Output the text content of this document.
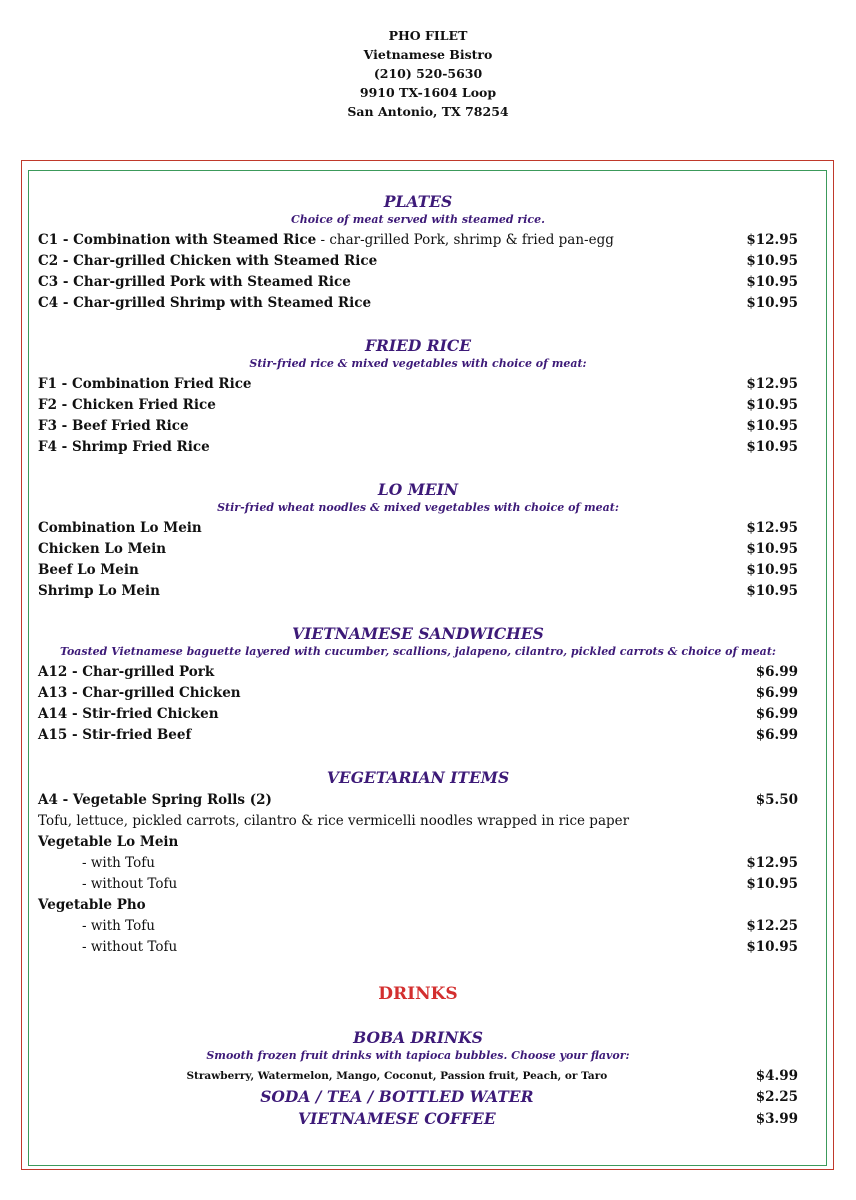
PHO FILET
Vietnamese Bistro
(210) 520-5630
9910 TX-1604 Loop
San Antonio, TX 78254
PLATES
Choice of meat served with steamed rice.
C1 - Combination with Steamed Rice - char-grilled Pork, shrimp & fried pan-egg	$12.95
C2 - Char-grilled Chicken with Steamed Rice	$10.95
C3 - Char-grilled Pork with Steamed Rice	$10.95
C4 - Char-grilled Shrimp with Steamed Rice	$10.95
FRIED RICE
Stir-fried rice & mixed vegetables with choice of meat:
F1 - Combination Fried Rice	$12.95
F2 - Chicken Fried Rice	$10.95
F3 - Beef Fried Rice	$10.95
F4 - Shrimp Fried Rice	$10.95
LO MEIN
Stir-fried wheat noodles & mixed vegetables with choice of meat:
Combination Lo Mein	$12.95
Chicken Lo Mein	$10.95
Beef Lo Mein	$10.95
Shrimp Lo Mein	$10.95
VIETNAMESE SANDWICHES
Toasted Vietnamese baguette layered with cucumber, scallions, jalapeno, cilantro, pickled carrots & choice of meat:
A12 - Char-grilled Pork	$6.99
A13 - Char-grilled Chicken	$6.99
A14 - Stir-fried Chicken	$6.99
A15 - Stir-fried Beef	$6.99
VEGETARIAN ITEMS
A4 - Vegetable Spring Rolls (2)	$5.50
Tofu, lettuce, pickled carrots, cilantro & rice vermicelli noodles wrapped in rice paper
Vegetable Lo Mein
- with Tofu	$12.95
- without Tofu	$10.95
Vegetable Pho
- with Tofu	$12.25
- without Tofu	$10.95
DRINKS
BOBA DRINKS
Smooth frozen fruit drinks with tapioca bubbles. Choose your flavor:
Strawberry, Watermelon, Mango, Coconut, Passion fruit, Peach, or Taro	$4.99
SODA / TEA / BOTTLED WATER	$2.25
VIETNAMESE COFFEE	$3.99
